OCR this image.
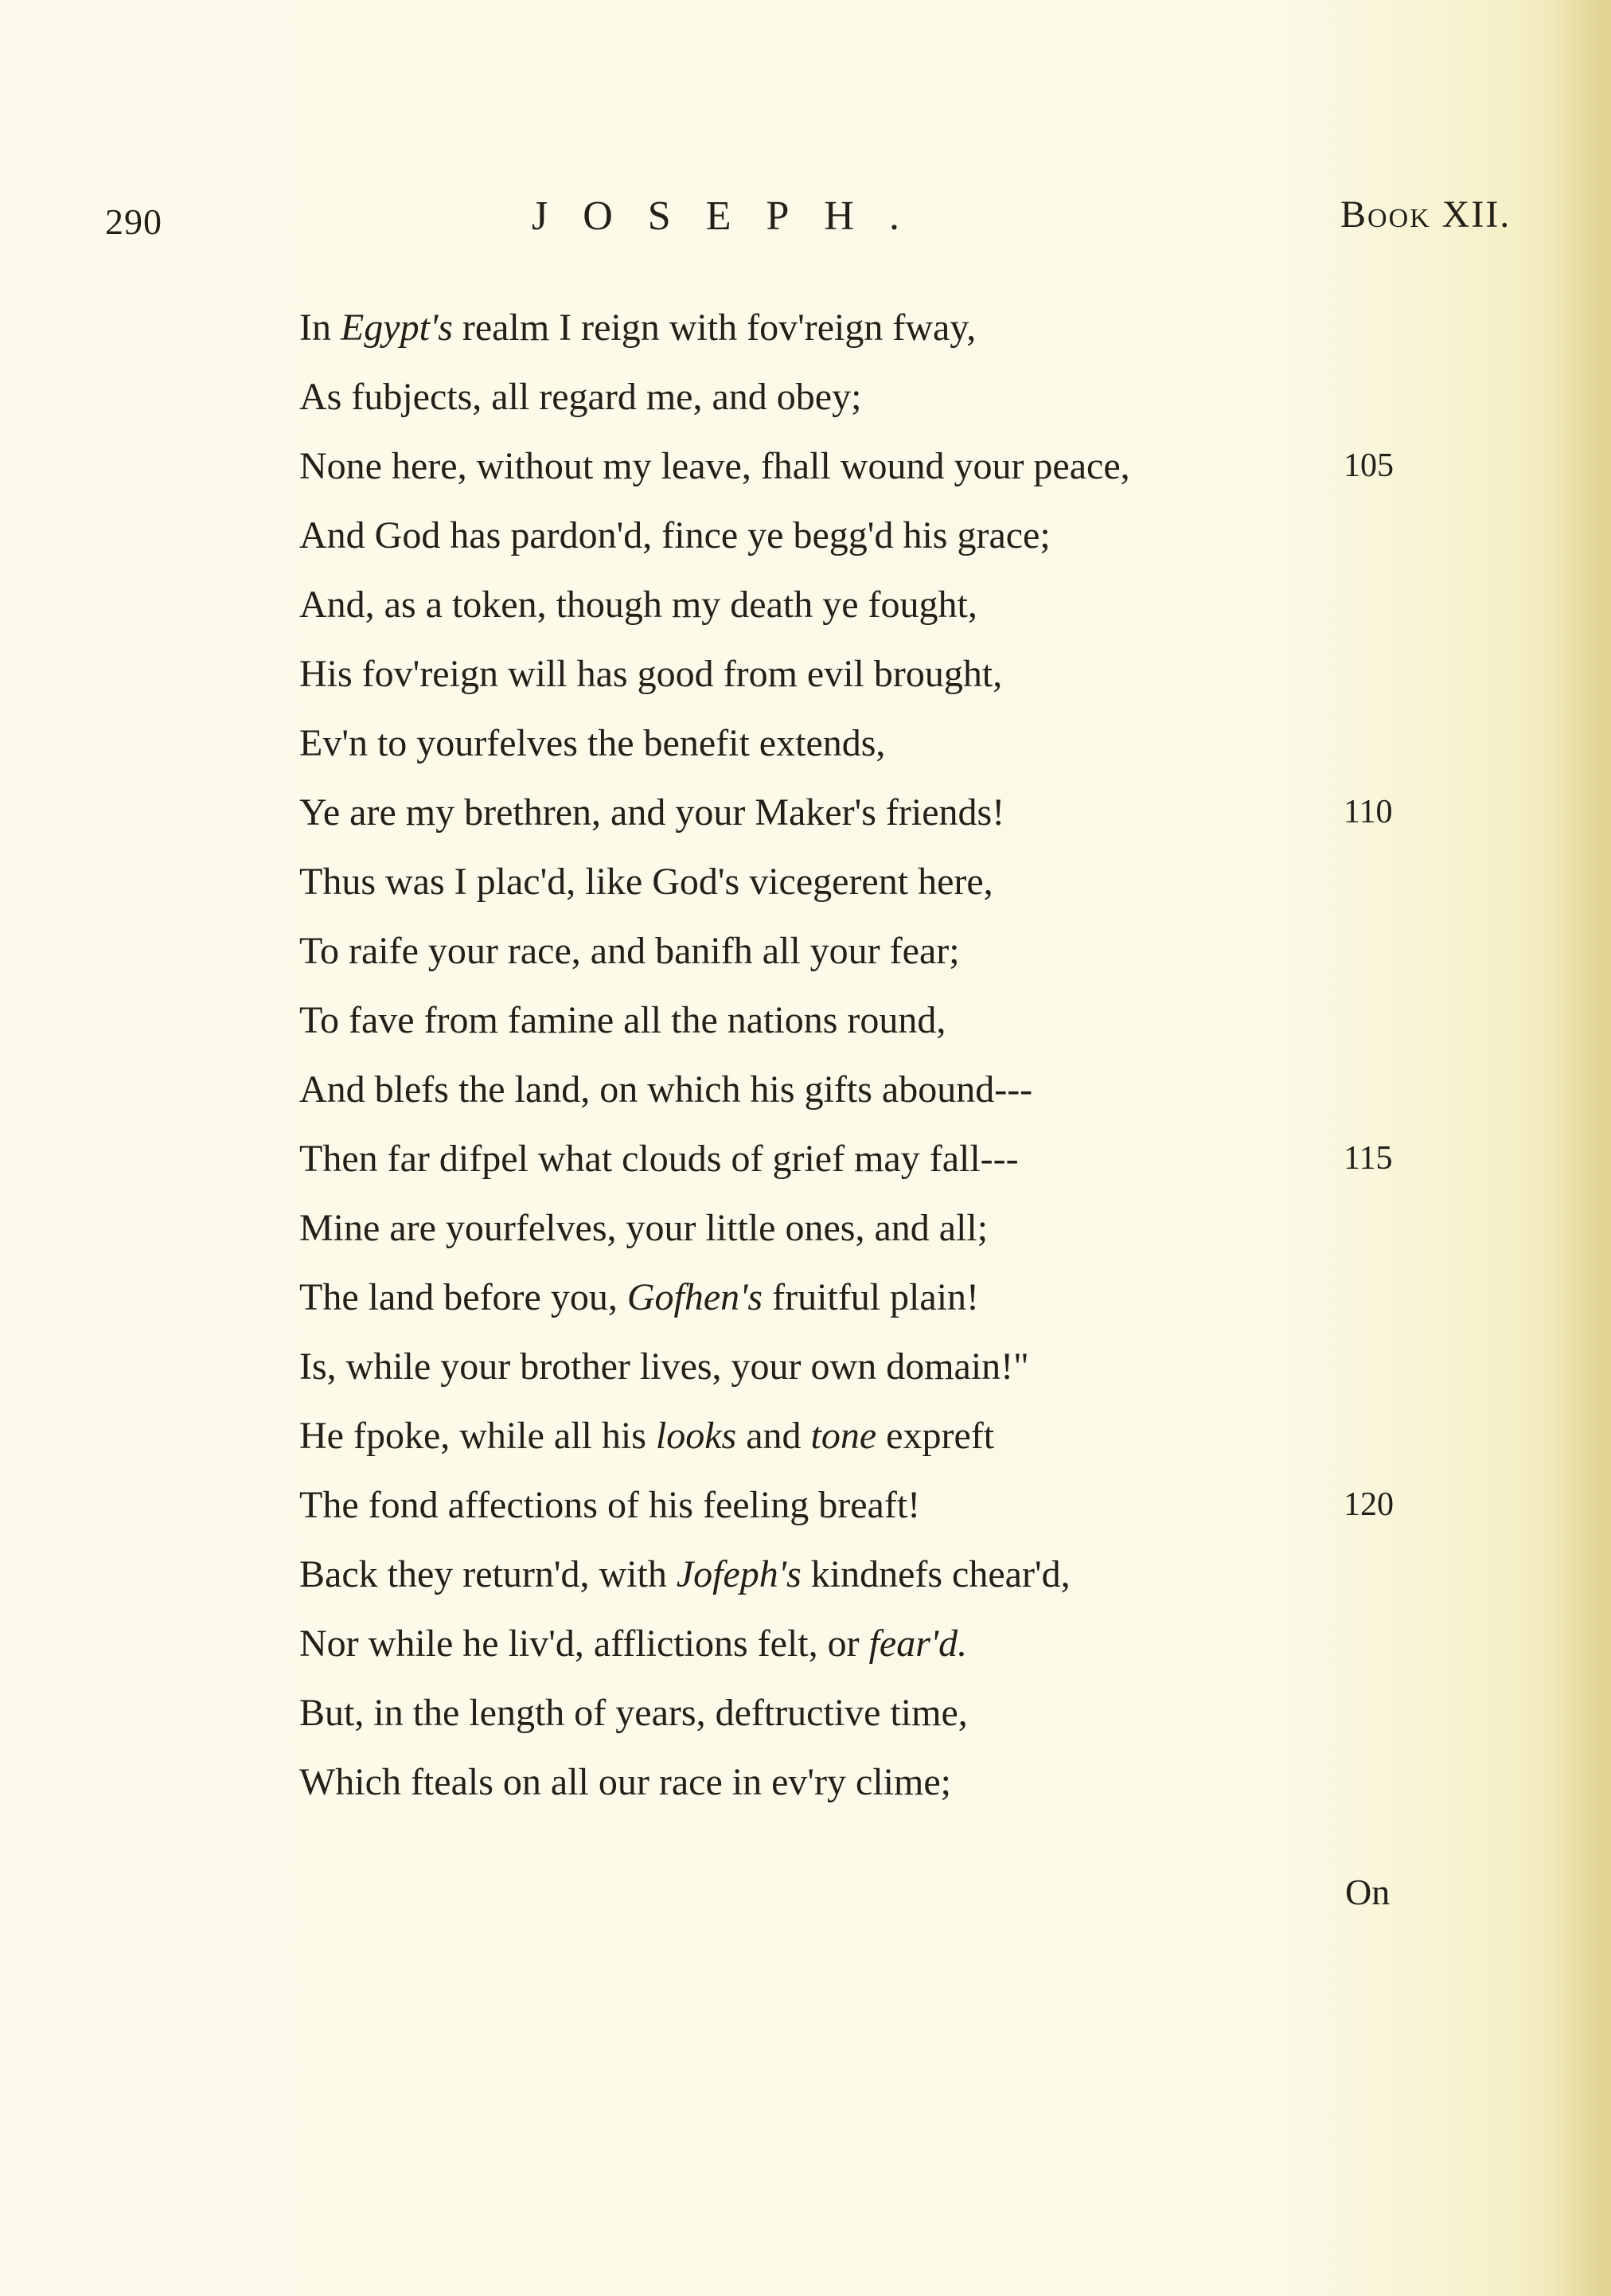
290	JOSEPH.	Book XII.
In Egypt's realm I reign with fov'reign fway,
As fubjects, all regard me, and obey;
None here, without my leave, fhall wound your peace,	105
And God has pardon'd, fince ye begg'd his grace;
And, as a token, though my death ye fought,
His fov'reign will has good from evil brought,
Ev'n to yourfelves the benefit extends,
Ye are my brethren, and your Maker's friends!	110
Thus was I plac'd, like God's vicegerent here,
To raife your race, and banifh all your fear;
To fave from famine all the nations round,
And blefs the land, on which his gifts abound---
Then far difpel what clouds of grief may fall---	115
Mine are yourfelves, your little ones, and all;
The land before you, Gofhen's fruitful plain!
Is, while your brother lives, your own domain!"
He fpoke, while all his looks and tone expreft
The fond affections of his feeling breaft!	120
Back they return'd, with Jofeph's kindnefs chear'd,
Nor while he liv'd, afflictions felt, or fear'd.
But, in the length of years, deftructive time,
Which fteals on all our race in ev'ry clime;
On
